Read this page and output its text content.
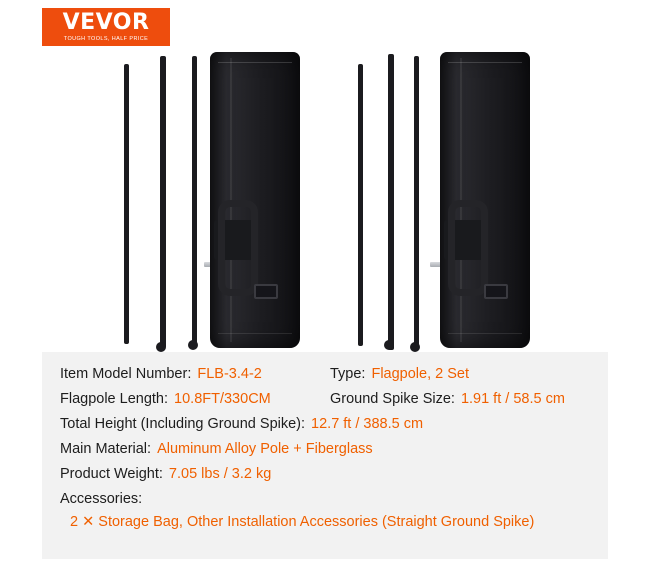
VEVOR
TOUGH TOOLS, HALF PRICE
Item Model Number: FLB-3.4-2	Type: Flagpole, 2 Set
Flagpole Length: 10.8FT/330CM	Ground Spike Size: 1.91 ft / 58.5 cm
Total Height (Including Ground Spike): 12.7 ft / 388.5 cm
Main Material: Aluminum Alloy Pole + Fiberglass
Product Weight: 7.05 lbs / 3.2 kg
Accessories:
2 ✕ Storage Bag, Other Installation Accessories (Straight Ground Spike)
